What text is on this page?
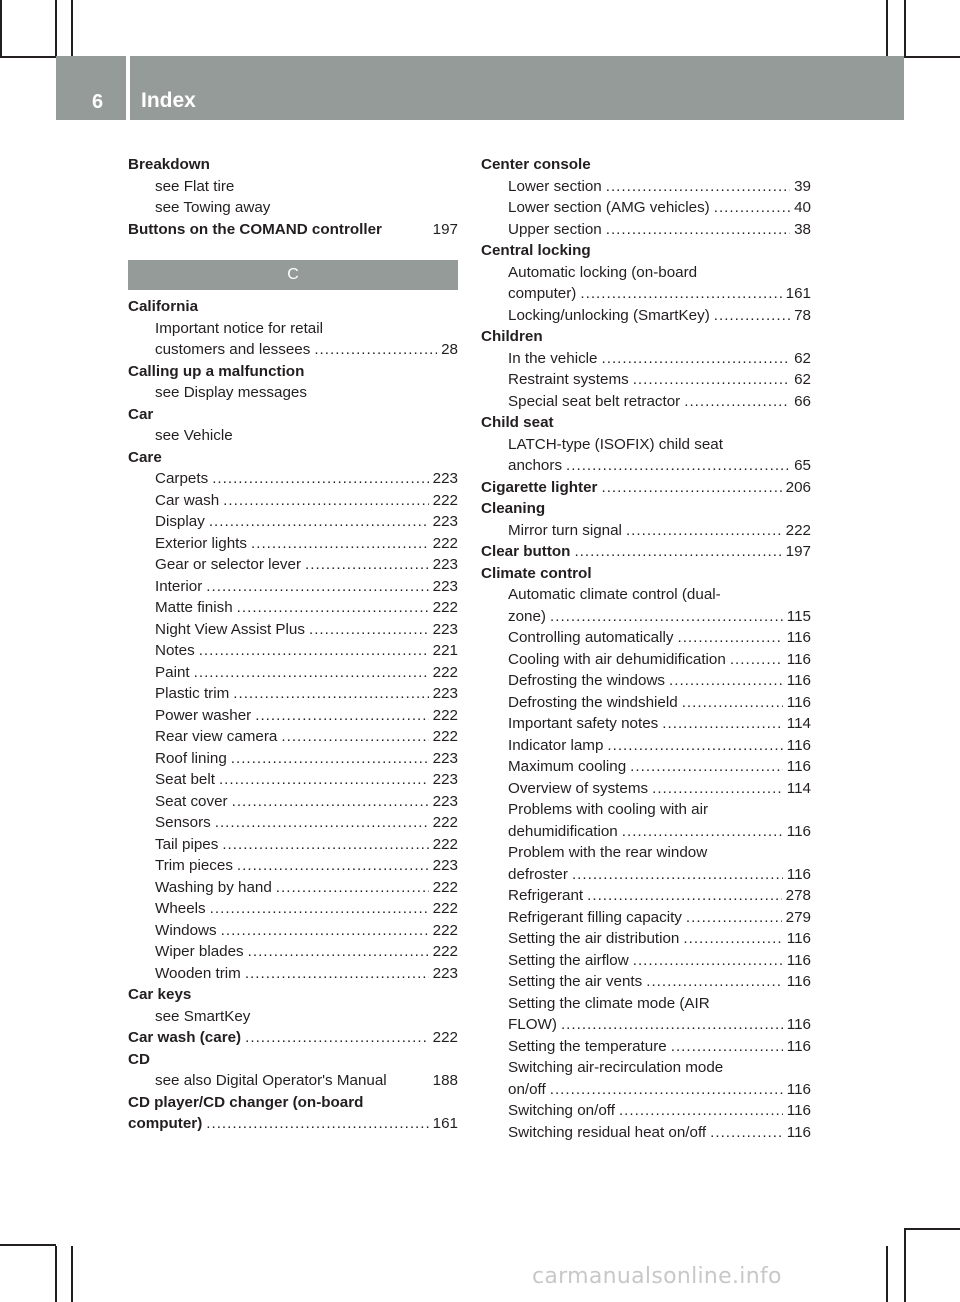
6 Index
Breakdown
see Flat tire
see Towing away
Buttons on the COMAND controller	197
C
California
Important notice for retail
customers and lessees .....	28
Calling up a malfunction
see Display messages
Car
see Vehicle
Care
Carpets .....	223
Car wash .....	222
Display .....	223
Exterior lights .....	222
Gear or selector lever .....	223
Interior .....	223
Matte finish .....	222
Night View Assist Plus .....	223
Notes .....	221
Paint .....	222
Plastic trim .....	223
Power washer .....	222
Rear view camera .....	222
Roof lining .....	223
Seat belt .....	223
Seat cover .....	223
Sensors .....	222
Tail pipes .....	222
Trim pieces .....	223
Washing by hand .....	222
Wheels .....	222
Windows .....	222
Wiper blades .....	222
Wooden trim .....	223
Car keys
see SmartKey
Car wash (care) .....	222
CD
see also Digital Operator's Manual	188
CD player/CD changer (on-board
computer) .....	161
Center console
Lower section .....	39
Lower section (AMG vehicles) .....	40
Upper section .....	38
Central locking
Automatic locking (on-board
computer) .....	161
Locking/unlocking (SmartKey) .....	78
Children
In the vehicle .....	62
Restraint systems .....	62
Special seat belt retractor .....	66
Child seat
LATCH-type (ISOFIX) child seat
anchors .....	65
Cigarette lighter .....	206
Cleaning
Mirror turn signal .....	222
Clear button .....	197
Climate control
Automatic climate control (dual-
zone) .....	115
Controlling automatically .....	116
Cooling with air dehumidification .....	116
Defrosting the windows .....	116
Defrosting the windshield .....	116
Important safety notes .....	114
Indicator lamp .....	116
Maximum cooling .....	116
Overview of systems .....	114
Problems with cooling with air
dehumidification .....	116
Problem with the rear window
defroster .....	116
Refrigerant .....	278
Refrigerant filling capacity .....	279
Setting the air distribution .....	116
Setting the airflow .....	116
Setting the air vents .....	116
Setting the climate mode (AIR
FLOW) .....	116
Setting the temperature .....	116
Switching air-recirculation mode
on/off .....	116
Switching on/off .....	116
Switching residual heat on/off .....	116
carmanualsonline.info
